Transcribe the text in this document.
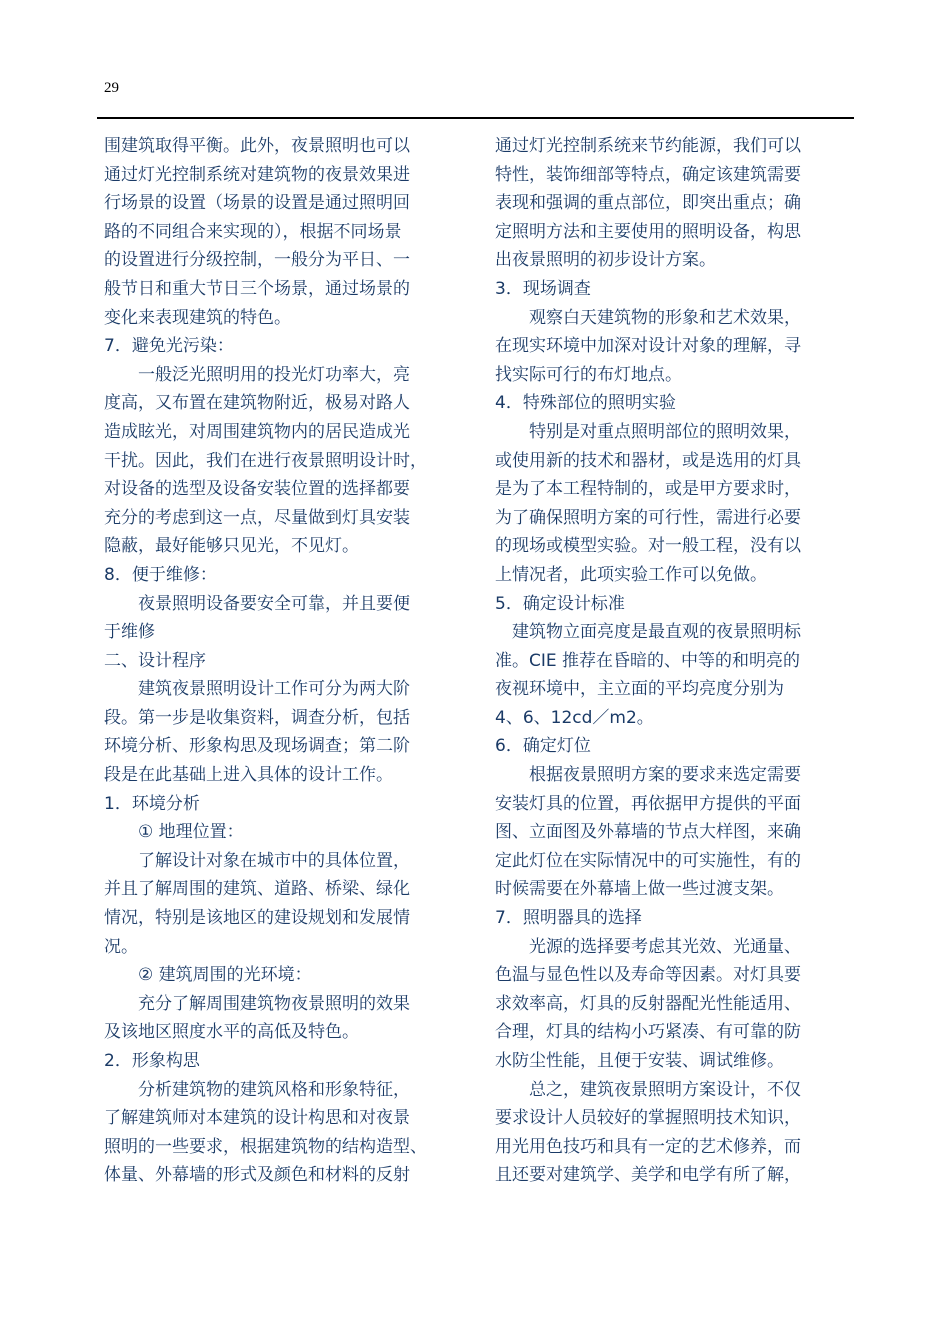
29
围建筑取得平衡。此外，夜景照明也可以
通过灯光控制系统对建筑物的夜景效果进
行场景的设置（场景的设置是通过照明回
路的不同组合来实现的），根据不同场景
的设置进行分级控制，一般分为平日、一
般节日和重大节日三个场景，通过场景的
变化来表现建筑的特色。
7．避免光污染：
　　一般泛光照明用的投光灯功率大，亮
度高，又布置在建筑物附近，极易对路人
造成眩光，对周围建筑物内的居民造成光
干扰。因此，我们在进行夜景照明设计时，
对设备的选型及设备安装位置的选择都要
充分的考虑到这一点，尽量做到灯具安装
隐蔽，最好能够只见光，不见灯。
8．便于维修：
　　夜景照明设备要安全可靠，并且要便
于维修
二、设计程序
　　建筑夜景照明设计工作可分为两大阶
段。第一步是收集资料，调查分析，包括
环境分析、形象构思及现场调查；第二阶
段是在此基础上进入具体的设计工作。
1．环境分析
　　① 地理位置：
　　了解设计对象在城市中的具体位置，
并且了解周围的建筑、道路、桥梁、绿化
情况，特别是该地区的建设规划和发展情
况。
　　② 建筑周围的光环境：
　　充分了解周围建筑物夜景照明的效果
及该地区照度水平的高低及特色。
2．形象构思
　　分析建筑物的建筑风格和形象特征，
了解建筑师对本建筑的设计构思和对夜景
照明的一些要求，根据建筑物的结构造型、
体量、外幕墙的形式及颜色和材料的反射
通过灯光控制系统来节约能源，我们可以
特性，装饰细部等特点，确定该建筑需要
表现和强调的重点部位，即突出重点；确
定照明方法和主要使用的照明设备，构思
出夜景照明的初步设计方案。
3．现场调查
　　观察白天建筑物的形象和艺术效果，
在现实环境中加深对设计对象的理解，寻
找实际可行的布灯地点。
4．特殊部位的照明实验
　　特别是对重点照明部位的照明效果，
或使用新的技术和器材，或是选用的灯具
是为了本工程特制的，或是甲方要求时，
为了确保照明方案的可行性，需进行必要
的现场或模型实验。对一般工程，没有以
上情况者，此项实验工作可以免做。
5．确定设计标准
　建筑物立面亮度是最直观的夜景照明标
准。CIE 推荐在昏暗的、中等的和明亮的
夜视环境中，主立面的平均亮度分别为
4、6、12cd／m2。
6．确定灯位
　　根据夜景照明方案的要求来选定需要
安装灯具的位置，再依据甲方提供的平面
图、立面图及外幕墙的节点大样图，来确
定此灯位在实际情况中的可实施性，有的
时候需要在外幕墙上做一些过渡支架。
7．照明器具的选择
　　光源的选择要考虑其光效、光通量、
色温与显色性以及寿命等因素。对灯具要
求效率高，灯具的反射器配光性能适用、
合理，灯具的结构小巧紧凑、有可靠的防
水防尘性能，且便于安装、调试维修。
　　总之，建筑夜景照明方案设计，不仅
要求设计人员较好的掌握照明技术知识，
用光用色技巧和具有一定的艺术修养，而
且还要对建筑学、美学和电学有所了解，
